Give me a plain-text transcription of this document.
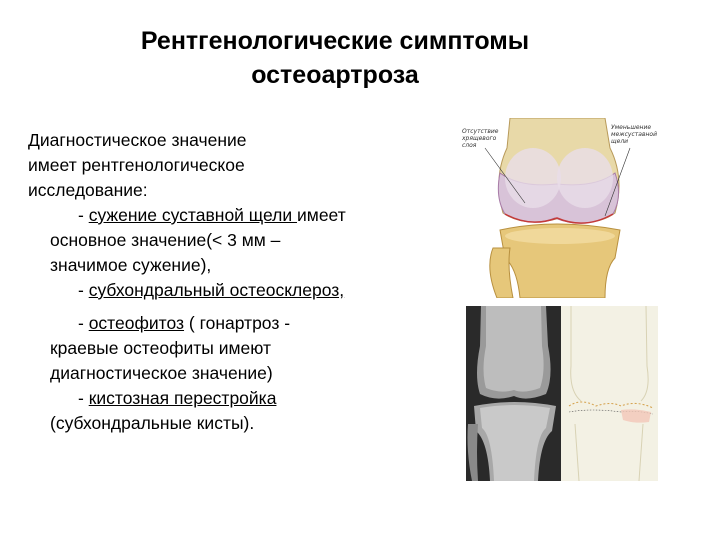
Рентгенологические симптомы
остеоартроза
Диагностическое значение
имеет рентгенологическое
исследование:
- сужение суставной щели имеет
основное значение(< 3 мм –
значимое сужение),
- субхондральный остеосклероз,
- остеофитоз ( гонартроз -
краевые остеофиты имеют
диагностическое значение)
- кистозная перестройка
(субхондральные кисты).
Отсутствие хрящевого слоя
Уменьшение межсуставной щели
